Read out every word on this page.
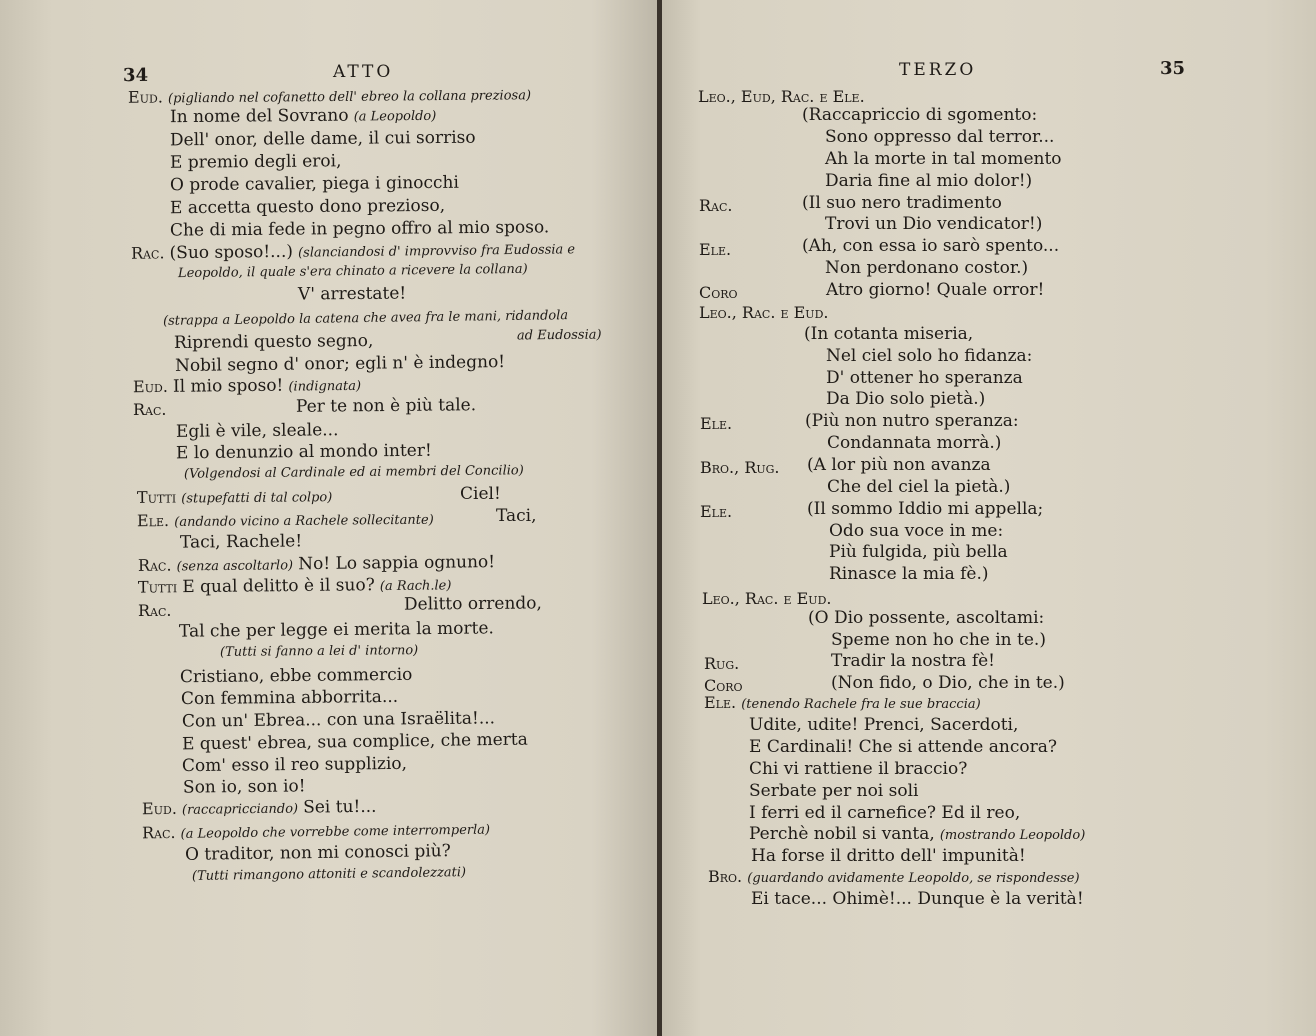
34	ATTO
Eud. (pigliando nel cofanetto dell' ebreo la collana preziosa)
In nome del Sovrano (a Leopoldo)
Dell' onor, delle dame, il cui sorriso
E premio degli eroi,
O prode cavalier, piega i ginocchi
E accetta questo dono prezioso,
Che di mia fede in pegno offro al mio sposo.
Rac. (Suo sposo!...) (slanciandosi d' improvviso fra Eudossia e
Leopoldo, il quale s'era chinato a ricevere la collana)
V' arrestate!
(strappa a Leopoldo la catena che avea fra le mani, ridandola
Riprendi questo segno,	ad Eudossia)
Nobil segno d' onor; egli n' è indegno!
Eud. Il mio sposo! (indignata)
Rac.	Per te non è più tale.
Egli è vile, sleale...
E lo denunzio al mondo inter!
(Volgendosi al Cardinale ed ai membri del Concilio)
Tutti (stupefatti di tal colpo)	Ciel!
Ele. (andando vicino a Rachele sollecitante)	Taci,
Taci, Rachele!
Rac. (senza ascoltarlo) No! Lo sappia ognuno!
Tutti E qual delitto è il suo? (a Rach.le)
Rac.	Delitto orrendo,
Tal che per legge ei merita la morte.
(Tutti si fanno a lei d' intorno)
Cristiano, ebbe commercio
Con femmina abborrita...
Con un' Ebrea... con una Israëlita!...
E quest' ebrea, sua complice, che merta
Com' esso il reo supplizio,
Son io, son io!
Eud. (raccapricciando) Sei tu!...
Rac. (a Leopoldo che vorrebbe come interromperla)
O traditor, non mi conosci più?
(Tutti rimangono attoniti e scandolezzati)
TERZO	35
Leo., Eud, Rac. e Ele.
(Raccapriccio di sgomento:
Sono oppresso dal terror...
Ah la morte in tal momento
Daria fine al mio dolor!)
Rac.	(Il suo nero tradimento
Trovi un Dio vendicator!)
Ele.	(Ah, con essa io sarò spento...
Non perdonano costor.)
Coro	Atro giorno! Quale orror!
Leo., Rac. e Eud.
(In cotanta miseria,
Nel ciel solo ho fidanza:
D' ottener ho speranza
Da Dio solo pietà.)
Ele.	(Più non nutro speranza:
Condannata morrà.)
Bro., Rug. (A lor più non avanza
Che del ciel la pietà.)
Ele.	(Il sommo Iddio mi appella;
Odo sua voce in me:
Più fulgida, più bella
Rinasce la mia fè.)
Leo., Rac. e Eud.
(O Dio possente, ascoltami:
Speme non ho che in te.)
Rug.	Tradir la nostra fè!
Coro	(Non fido, o Dio, che in te.)
Ele. (tenendo Rachele fra le sue braccia)
Udite, udite! Prenci, Sacerdoti,
E Cardinali! Che si attende ancora?
Chi vi rattiene il braccio?
Serbate per noi soli
I ferri ed il carnefice? Ed il reo,
Perchè nobil si vanta, (mostrando Leopoldo)
Ha forse il dritto dell' impunità!
Bro. (guardando avidamente Leopoldo, se rispondesse)
Ei tace... Ohimè!... Dunque è la verità!
